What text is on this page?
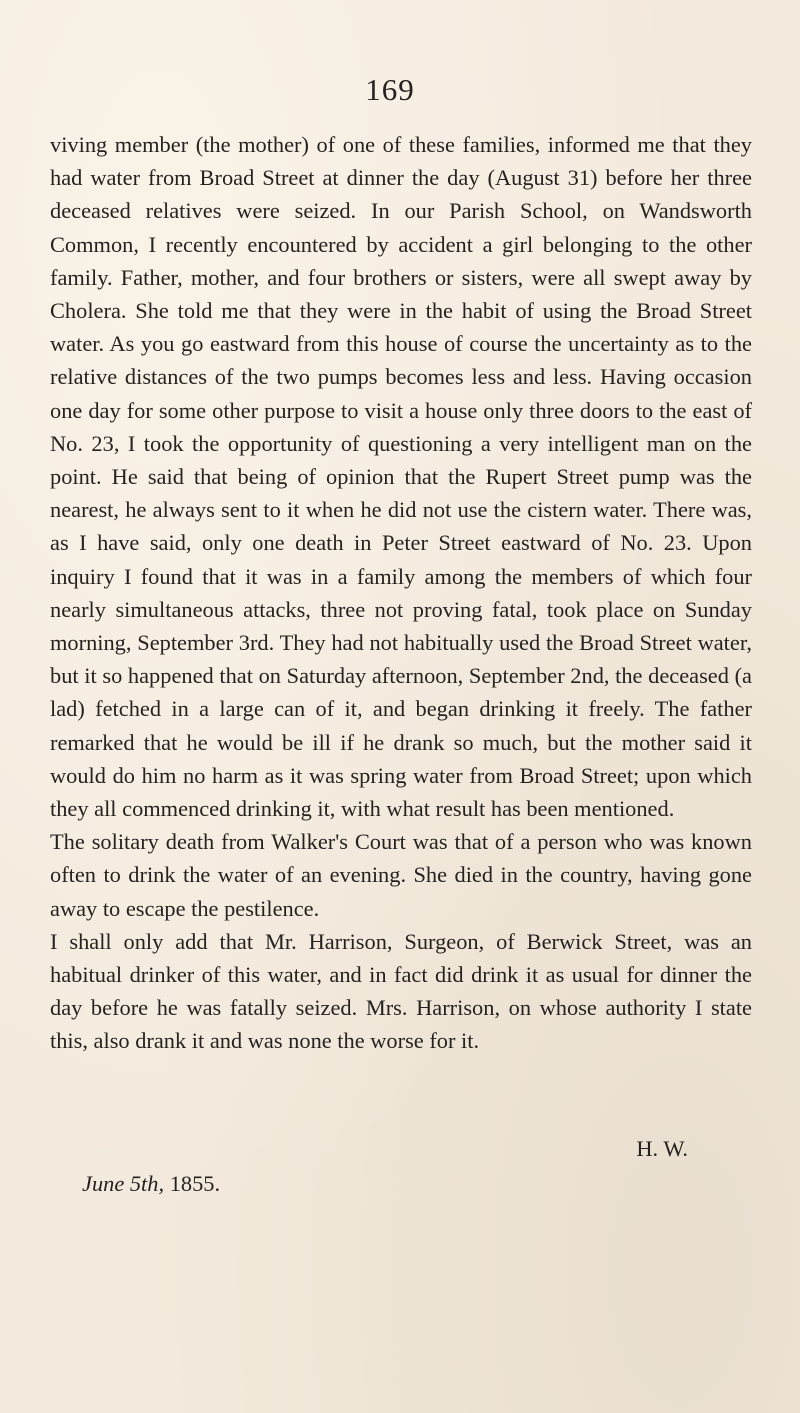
169

viving member (the mother) of one of these families, informed me that they had water from Broad Street at dinner the day (August 31) before her three deceased relatives were seized. In our Parish School, on Wandsworth Common, I recently encountered by accident a girl belonging to the other family. Father, mother, and four brothers or sisters, were all swept away by Cholera. She told me that they were in the habit of using the Broad Street water. As you go eastward from this house of course the uncertainty as to the relative distances of the two pumps becomes less and less. Having occasion one day for some other purpose to visit a house only three doors to the east of No. 23, I took the opportunity of questioning a very intelligent man on the point. He said that being of opinion that the Rupert Street pump was the nearest, he always sent to it when he did not use the cistern water. There was, as I have said, only one death in Peter Street eastward of No. 23. Upon inquiry I found that it was in a family among the members of which four nearly simultaneous attacks, three not proving fatal, took place on Sunday morning, September 3rd. They had not habitually used the Broad Street water, but it so happened that on Saturday afternoon, September 2nd, the deceased (a lad) fetched in a large can of it, and began drinking it freely. The father remarked that he would be ill if he drank so much, but the mother said it would do him no harm as it was spring water from Broad Street; upon which they all commenced drinking it, with what result has been mentioned.

The solitary death from Walker's Court was that of a person who was known often to drink the water of an evening. She died in the country, having gone away to escape the pestilence.

I shall only add that Mr. Harrison, Surgeon, of Berwick Street, was an habitual drinker of this water, and in fact did drink it as usual for dinner the day before he was fatally seized. Mrs. Harrison, on whose authority I state this, also drank it and was none the worse for it.

H. W.
June 5th, 1855.
